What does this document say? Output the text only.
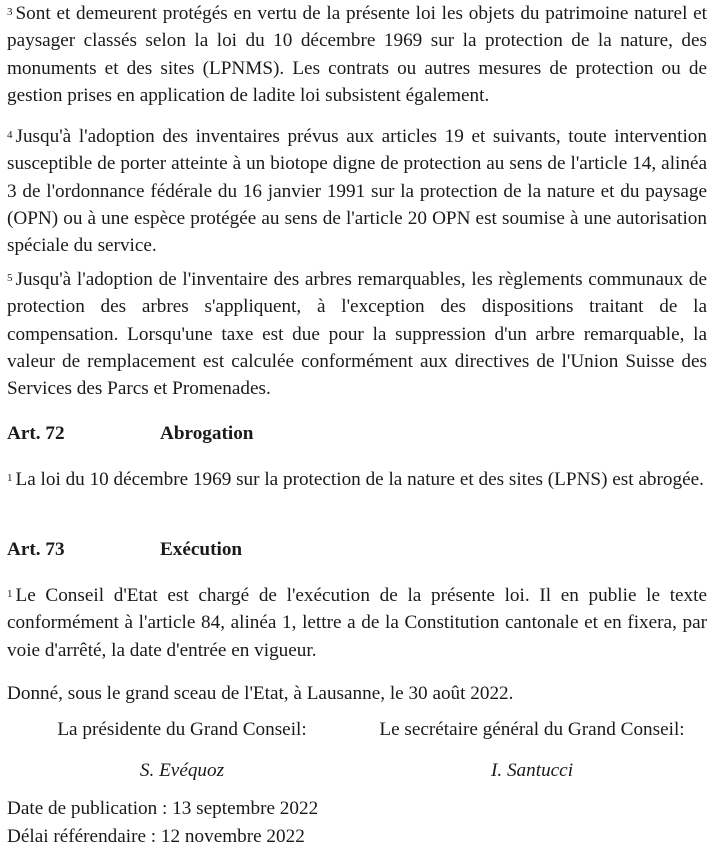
$^3$ Sont et demeurent protégés en vertu de la présente loi les objets du patrimoine naturel et paysager classés selon la loi du 10 décembre 1969 sur la protection de la nature, des monuments et des sites (LPNMS). Les contrats ou autres mesures de protection ou de gestion prises en application de ladite loi subsistent également.

$^4$ Jusqu'à l'adoption des inventaires prévus aux articles 19 et suivants, toute intervention susceptible de porter atteinte à un biotope digne de protection au sens de l'article 14, alinéa 3 de l'ordonnance fédérale du 16 janvier 1991 sur la protection de la nature et du paysage (OPN) ou à une espèce protégée au sens de l'article 20 OPN est soumise à une autorisation spéciale du service.

$^5$ Jusqu'à l'adoption de l'inventaire des arbres remarquables, les règlements communaux de protection des arbres s'appliquent, à l'exception des dispositions traitant de la compensation. Lorsqu'une taxe est due pour la suppression d'un arbre remarquable, la valeur de remplacement est calculée conformément aux directives de l'Union Suisse des Services des Parcs et Promenades.

Art. 72	Abrogation

$^1$ La loi du 10 décembre 1969 sur la protection de la nature et des sites (LPNS) est abrogée.

Art. 73	Exécution

$^1$ Le Conseil d'Etat est chargé de l'exécution de la présente loi. Il en publie le texte conformément à l'article 84, alinéa 1, lettre a de la Constitution cantonale et en fixera, par voie d'arrêté, la date d'entrée en vigueur.

Donné, sous le grand sceau de l'Etat, à Lausanne, le 30 août 2022.

La présidente du Grand Conseil:	Le secrétaire général du Grand Conseil:
S. Evéquoz	I. Santucci

Date de publication : 13 septembre 2022

Délai référendaire : 12 novembre 2022
